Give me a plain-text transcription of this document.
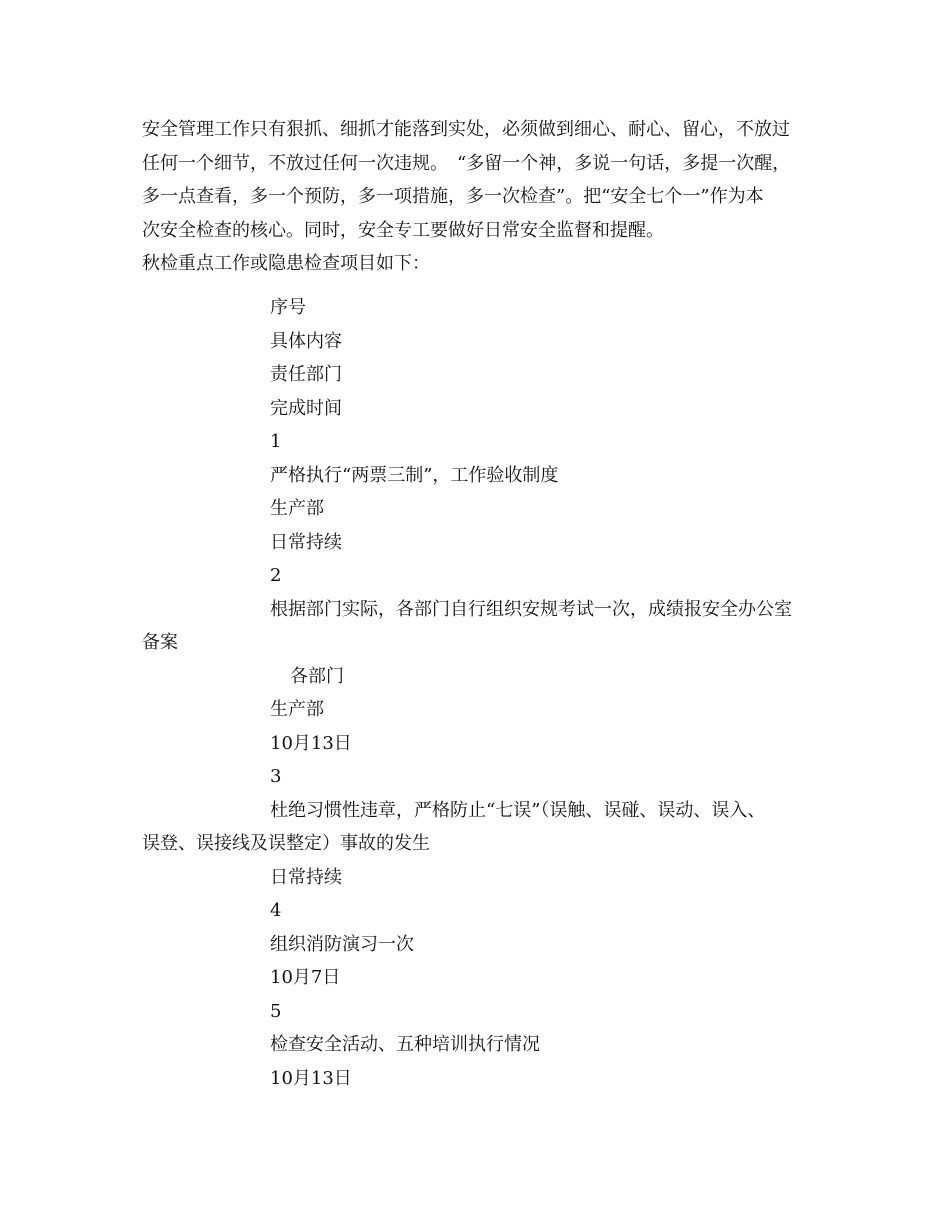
安全管理工作只有狠抓、细抓才能落到实处，必须做到细心、耐心、留心，不放过
任何一个细节，不放过任何一次违规。　“多留一个神，多说一句话，多提一次醒，
多一点查看，多一个预防，多一项措施，多一次检查”。把“安全七个一”作为本
次安全检查的核心。同时，安全专工要做好日常安全监督和提醒。

秋检重点工作或隐患检查项目如下：

序号
具体内容
责任部门
完成时间
1
严格执行“两票三制”，工作验收制度
生产部
日常持续
2
根据部门实际，各部门自行组织安规考试一次，成绩报安全办公室
备案
各部门
生产部
10月13日
3
杜绝习惯性违章，严格防止“七误”（误触、误碰、误动、误入、
误登、误接线及误整定）事故的发生
日常持续
4
组织消防演习一次
10月7日
5
检查安全活动、五种培训执行情况
10月13日
